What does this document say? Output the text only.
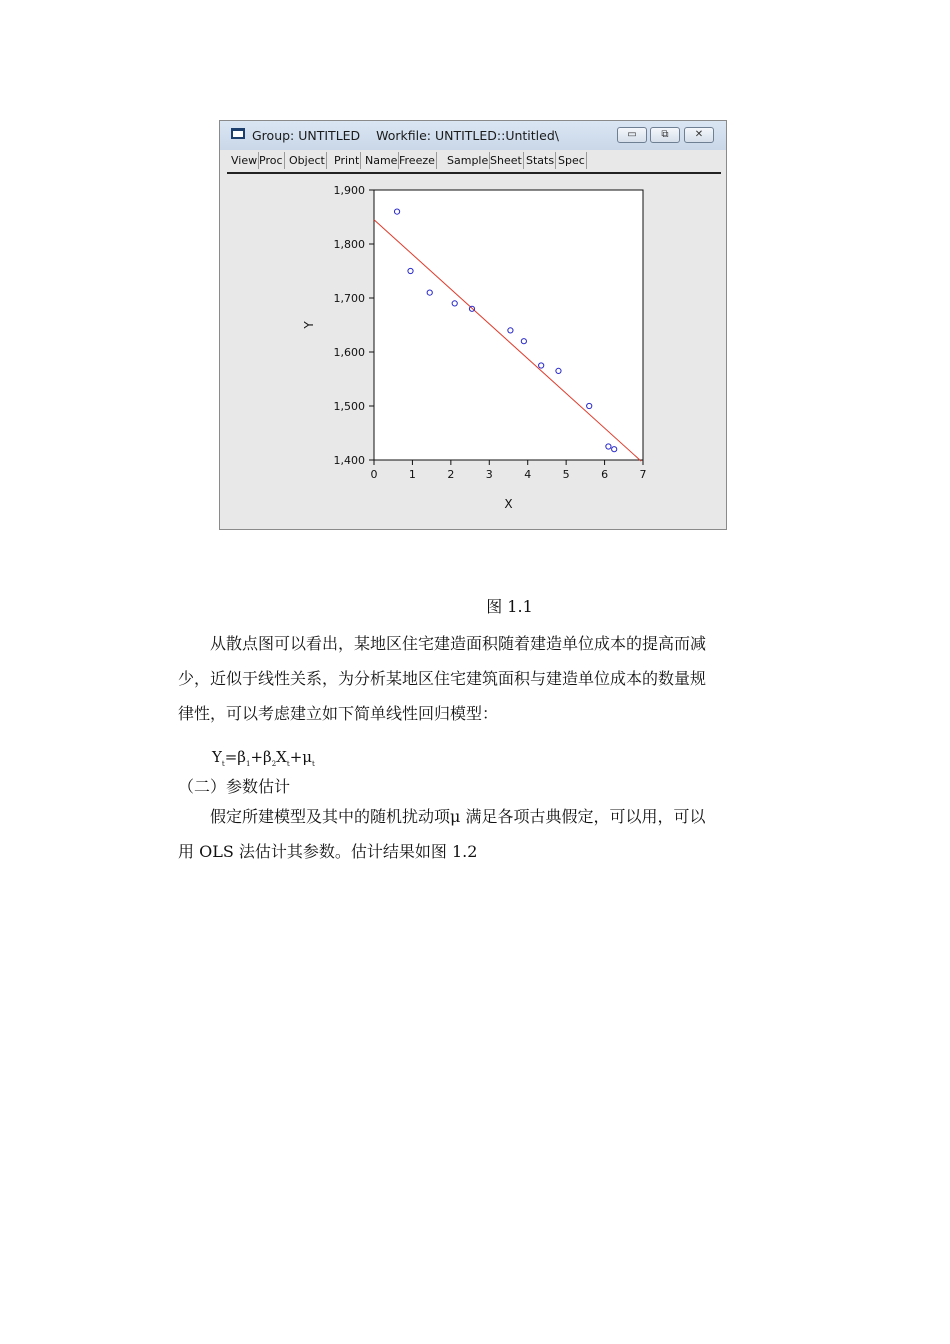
Group: UNTITLED    Workfile: UNTITLED::Untitled\	▭	⧉	✕
View Proc Object Print Name Freeze Sample Sheet Stats Spec
0	1	2	3	4	5	6	7
1,400
1,500
1,600
1,700
1,800
1,900
Y
X
图 1.1
从散点图可以看出，某地区住宅建造面积随着建造单位成本的提高而减
少，近似于线性关系，为分析某地区住宅建筑面积与建造单位成本的数量规
律性，可以考虑建立如下简单线性回归模型：
$Y_t=\beta_1+\beta_2X_t+\mu_t$
（二）参数估计
假定所建模型及其中的随机扰动项μ 满足各项古典假定，可以用，可以
用 OLS 法估计其参数。估计结果如图 1.2
